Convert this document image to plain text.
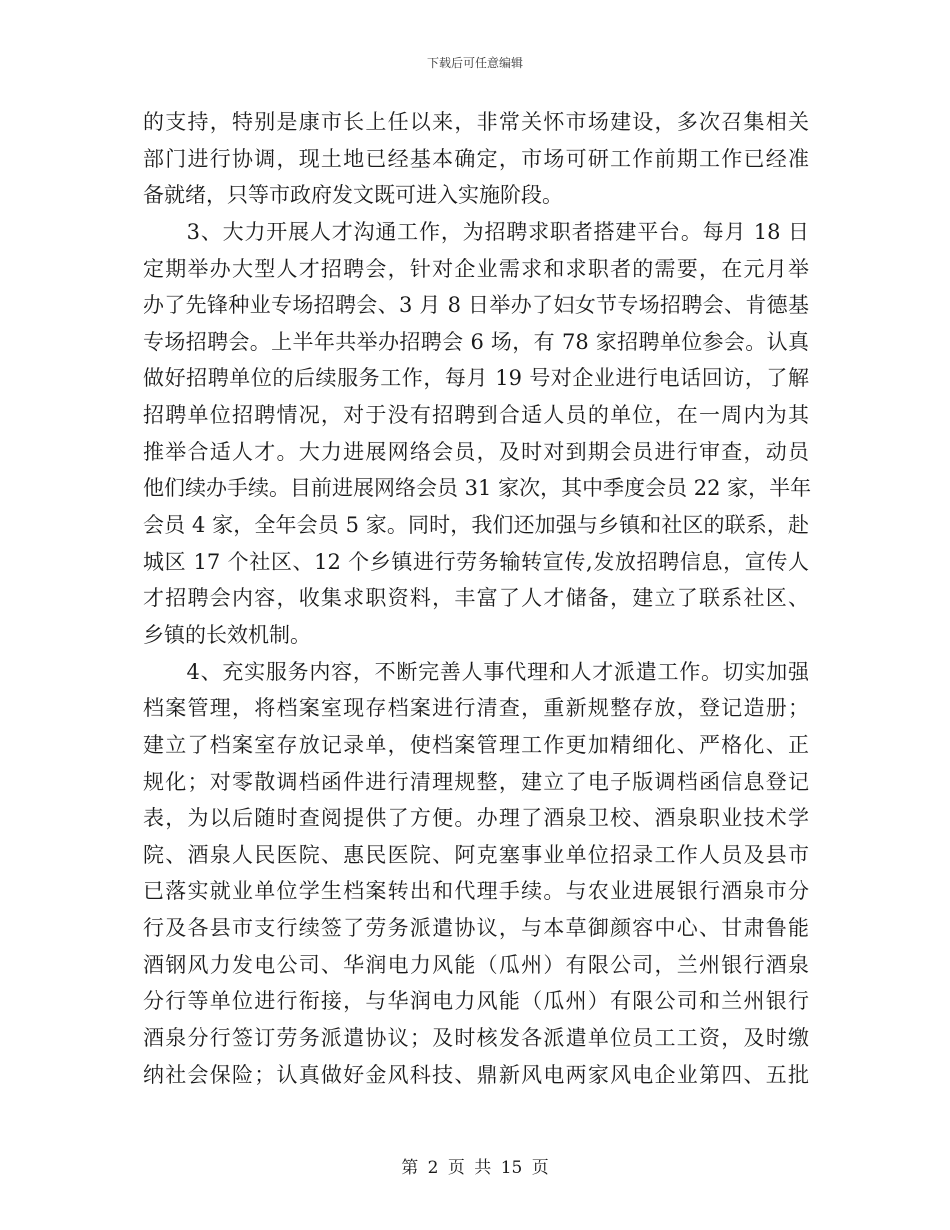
下载后可任意编辑
的支持，特别是康市长上任以来，非常关怀市场建设，多次召集相关
部门进行协调，现土地已经基本确定，市场可研工作前期工作已经准
备就绪，只等市政府发文既可进入实施阶段。
　　3、大力开展人才沟通工作，为招聘求职者搭建平台。每月 18 日
定期举办大型人才招聘会，针对企业需求和求职者的需要，在元月举
办了先锋种业专场招聘会、3 月 8 日举办了妇女节专场招聘会、肯德基
专场招聘会。上半年共举办招聘会 6 场，有 78 家招聘单位参会。认真
做好招聘单位的后续服务工作，每月 19 号对企业进行电话回访，了解
招聘单位招聘情况，对于没有招聘到合适人员的单位，在一周内为其
推举合适人才。大力进展网络会员，及时对到期会员进行审查，动员
他们续办手续。目前进展网络会员 31 家次，其中季度会员 22 家，半年
会员 4 家，全年会员 5 家。同时，我们还加强与乡镇和社区的联系，赴
城区 17 个社区、12 个乡镇进行劳务输转宣传,发放招聘信息，宣传人
才招聘会内容，收集求职资料，丰富了人才储备，建立了联系社区、
乡镇的长效机制。
　　4、充实服务内容，不断完善人事代理和人才派遣工作。切实加强
档案管理，将档案室现存档案进行清查，重新规整存放，登记造册；
建立了档案室存放记录单，使档案管理工作更加精细化、严格化、正
规化；对零散调档函件进行清理规整，建立了电子版调档函信息登记
表，为以后随时查阅提供了方便。办理了酒泉卫校、酒泉职业技术学
院、酒泉人民医院、惠民医院、阿克塞事业单位招录工作人员及县市
已落实就业单位学生档案转出和代理手续。与农业进展银行酒泉市分
行及各县市支行续签了劳务派遣协议，与本草御颜容中心、甘肃鲁能
酒钢风力发电公司、华润电力风能（瓜州）有限公司，兰州银行酒泉
分行等单位进行衔接，与华润电力风能（瓜州）有限公司和兰州银行
酒泉分行签订劳务派遣协议；及时核发各派遣单位员工工资，及时缴
纳社会保险；认真做好金风科技、鼎新风电两家风电企业第四、五批
第 2 页 共 15 页
